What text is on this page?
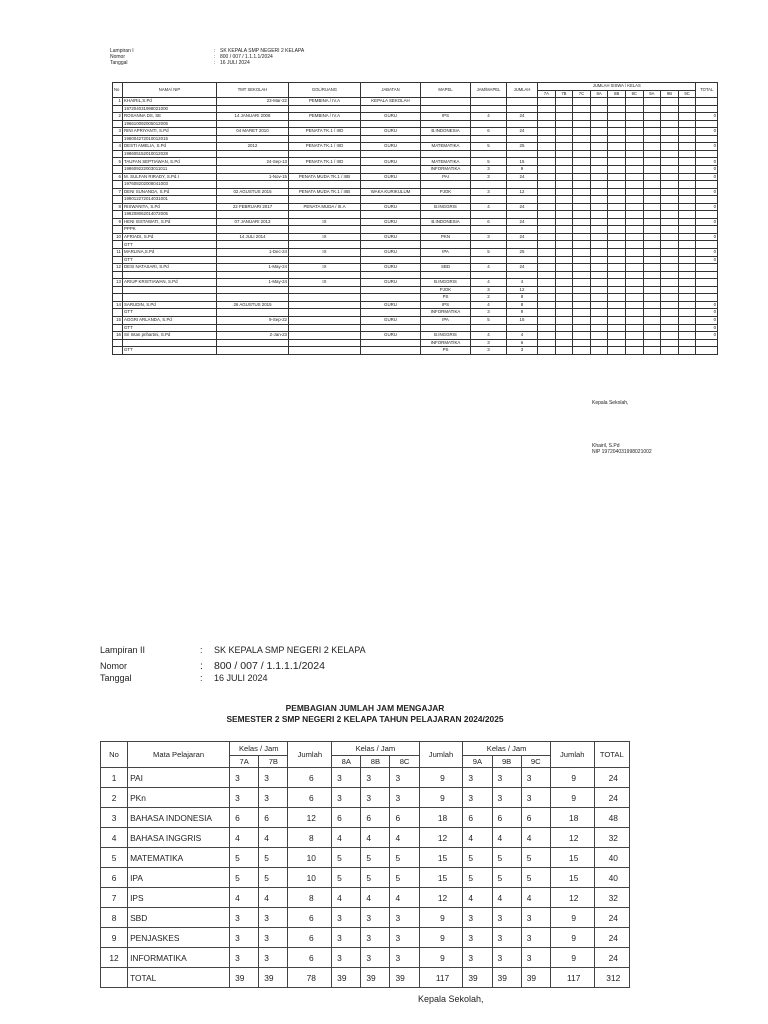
Lampiran I	: SK KEPALA SMP NEGERI 2 KELAPA
Nomor	: 800 / 007 / 1.1.1.1/2024
Tanggal	: 16 JULI 2024
No	NAMA/ NIP	TMT SEKOLAH	GOL/RUANG	JABATAN	MAPEL	JAM/MAPEL	JUMLAH	JUMLAH SISWA / KELAS									TOTAL
								7A	7B	7C	8A	8B	8C	9A	9B	9C	
1	KHAIRIL,S.Pd	23-Mar-22	PEMBINA / IV.A	KEPALA SEKOLAH													
	197204031998021000																
2	ROSANNA DS, SE	14 JANUARI 2008	PEMBINA / IV.A	GURU	IPS	4	24										0
	196610092005012005																
3	RINI APRIYANTI, S.Pd	04 MARET 2010	PENATA TK.1 / IIID	GURU	B.INDONESIA	6	24										0
	198004272010012015																
4	DESTI AMELIA, S.Pd	2012	PENATA TK.1 / IIID	GURU	MATEMATIKA	5	25										0
	198605152010012028																
5	TAUFAN SEPTIAWAN, S.Pd	24-Sep-13	PENATA TK.1 / IIID	GURU	MATEMATIKA	5	15										0
	198609222003011011				INFORMATIKA	3	9										0
6	M. SULFAN RIRADY, S.Pd.I	1-Nov-15	PENATA MUDA TK.1 / IIIB	GURU	PAI	3	24										0
	197608202008041003																
7	DENI SUNANDA, S.Pd	02 AGUSTUS 2015	PENATA MUDA TK.1 / IIIB	WAKA KURIKULUM	PJOK	3	12										0
	199012272014031001																
8	RISWANITA, S.Pd	22 FEBRUARI 2017	PENATA MUDA / III.A	GURU	B.INGGRIS	4	24										0
	198208062014072005																
9	HENI ISSTAWATI, S.Pd	07 JANUARI 2013	IX	GURU	B.INDONESIA	6	24										0
	PPPK																
10	AFRIADI, S.Pd	14 JULI 2014	IX	GURU	PKN	3	24										0
	GTT																
11	MARLINA,S.Pd	1-Dec-24	IX	GURU	IPA	5	25										0
	GTT																0
12	DESI NATASARI, S.Pd	1-May-24	IX	GURU	SBD	4	24										

13	ARIUP KRISTIAWAN, S.Pd	1-May-24	IX	GURU	B.INGGRIS	4	4										
					PJOK	3	12										
					PS	2	8										
14	SARUDIN, S.Pd	26 AGUSTUS 2015		GURU	IPS	4	8										0
	GTT				INFORMATIKA	3	9										0
15	AGGRI ARLANDA, S.Pd	9-Sep-22		GURU	IPA	5	15										0
	GTT																0
16	Sri Intan prihartini, S.Pd	2-Jan-23		GURU	B.INGGRIS	4	4										0
					INFORMATIKA	3	6										
	GTT				PS	3	3										
Kepala Sekolah,
Khairil, S.Pd
NIP 197204031998021002
Lampiran II	: SK KEPALA SMP NEGERI 2 KELAPA
Nomor	: 800 / 007 / 1.1.1.1/2024
Tanggal	: 16 JULI 2024
PEMBAGIAN JUMLAH JAM MENGAJAR
SEMESTER 2 SMP NEGERI 2 KELAPA TAHUN PELAJARAN 2024/2025
No	Mata Pelajaran	Kelas / Jam		Jumlah	Kelas / Jam			Jumlah	Kelas / Jam			Jumlah	TOTAL
		7A	7B		8A	8B	8C		9A	9B	9C		
1	PAI	3	3	6	3	3	3	9	3	3	3	9	24
2	PKn	3	3	6	3	3	3	9	3	3	3	9	24
3	BAHASA INDONESIA	6	6	12	6	6	6	18	6	6	6	18	48
4	BAHASA INGGRIS	4	4	8	4	4	4	12	4	4	4	12	32
5	MATEMATIKA	5	5	10	5	5	5	15	5	5	5	15	40
6	IPA	5	5	10	5	5	5	15	5	5	5	15	40
7	IPS	4	4	8	4	4	4	12	4	4	4	12	32
8	SBD	3	3	6	3	3	3	9	3	3	3	9	24
9	PENJASKES	3	3	6	3	3	3	9	3	3	3	9	24
12	INFORMATIKA	3	3	6	3	3	3	9	3	3	3	9	24
	TOTAL	39	39	78	39	39	39	117	39	39	39	117	312
Kepala Sekolah,
